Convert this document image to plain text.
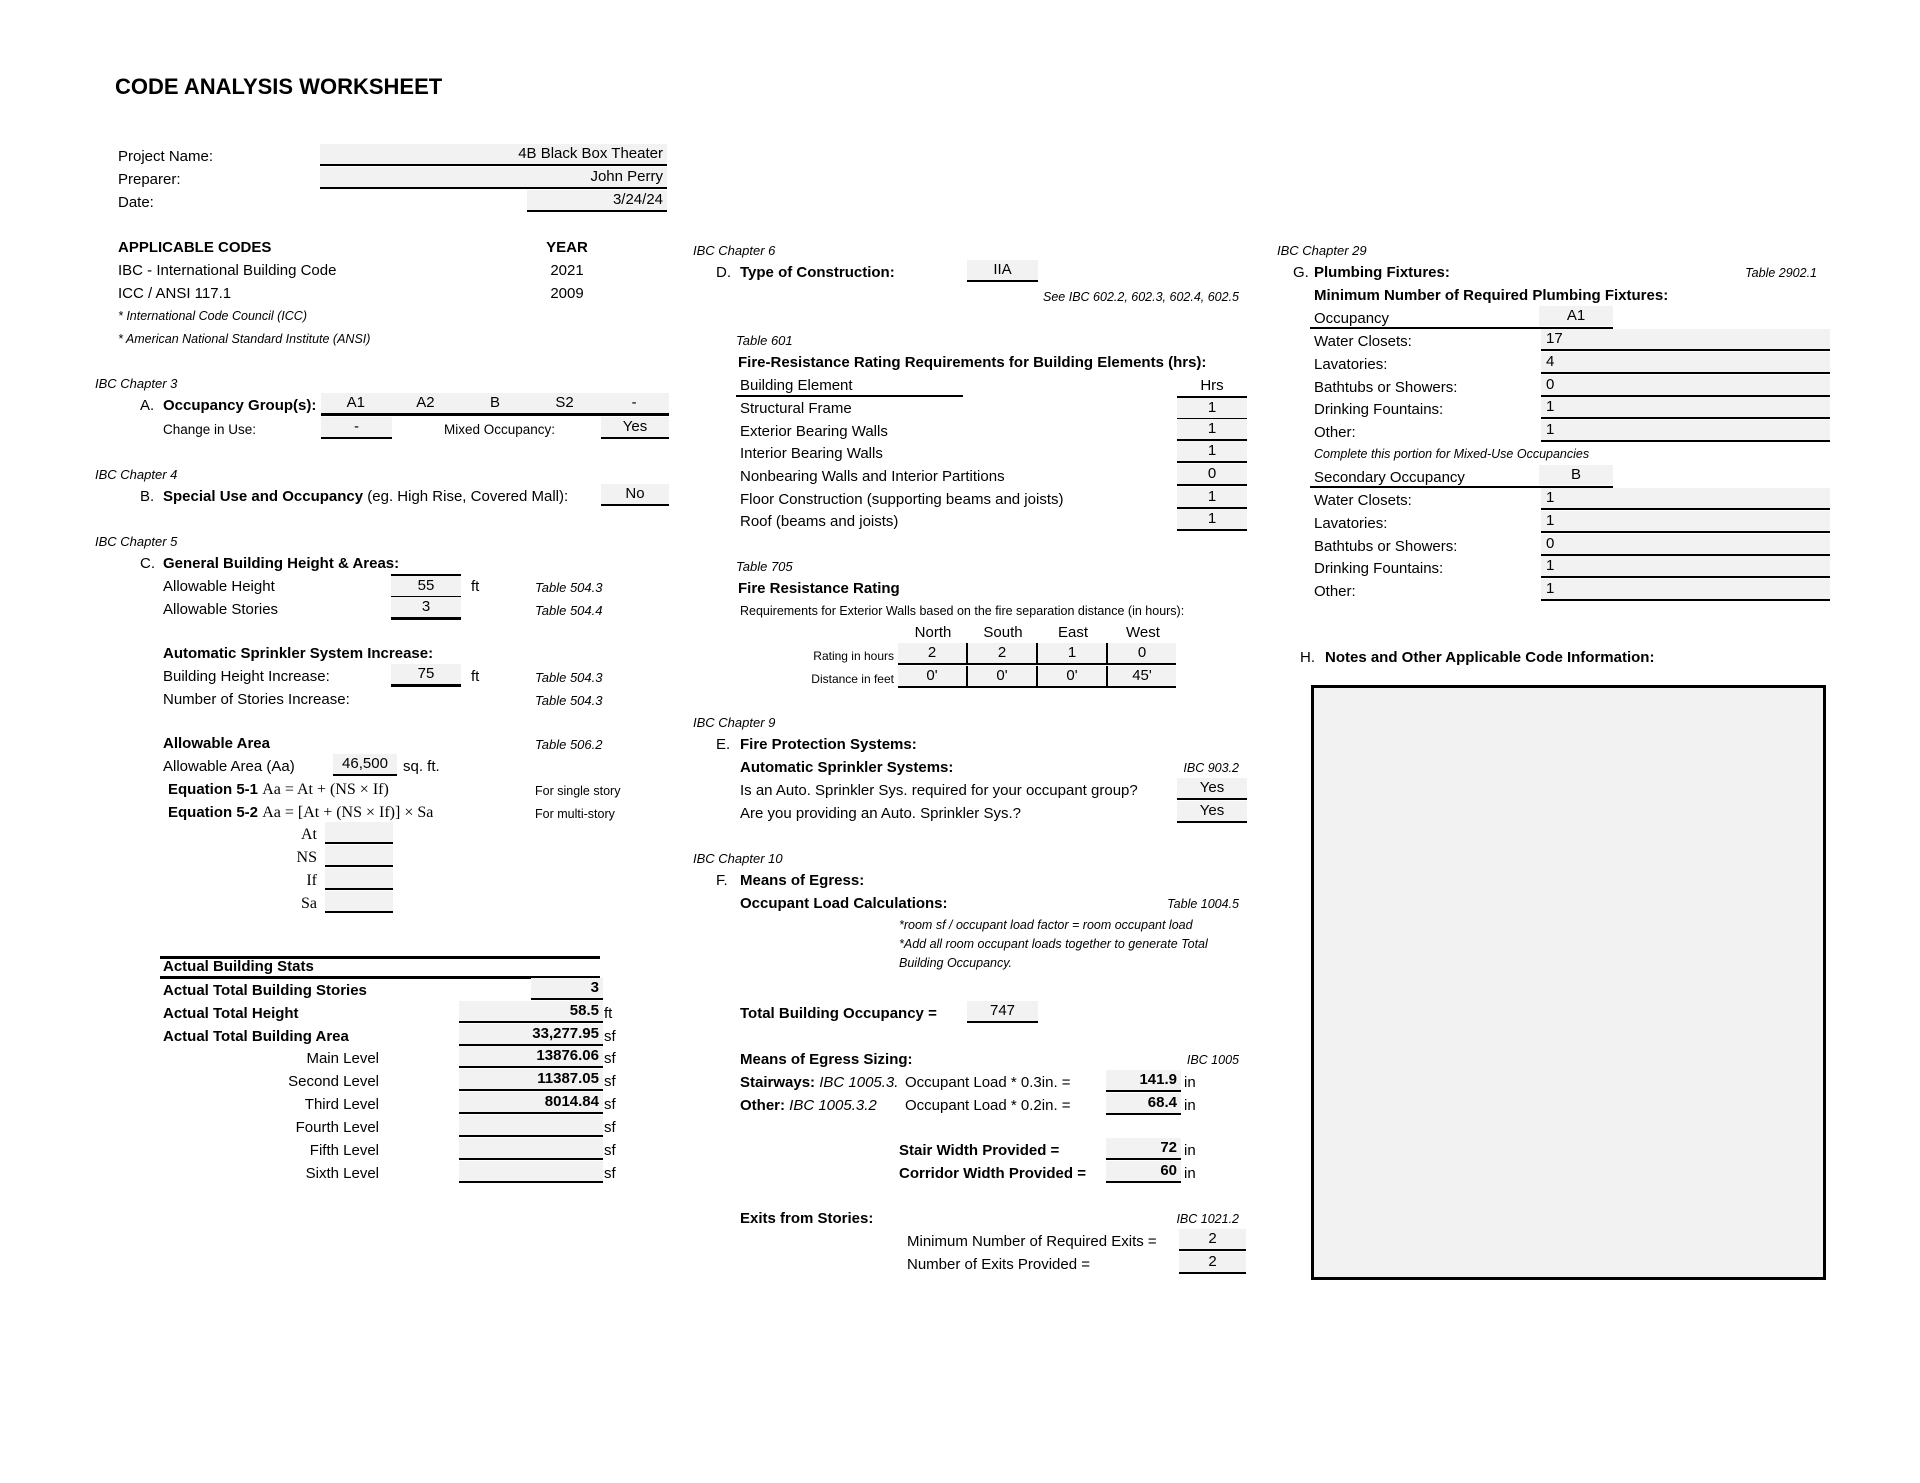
CODE ANALYSIS WORKSHEET
Project Name:	4B Black Box Theater
Preparer:	John Perry
Date:	3/24/24
APPLICABLE CODES	YEAR
IBC - International Building Code	2021
ICC / ANSI 117.1	2009
* International Code Council (ICC)
* American National Standard Institute (ANSI)
IBC Chapter 3
A. Occupancy Group(s):	A1	A2	B	S2	-
Change in Use:	-	Mixed Occupancy:	Yes
IBC Chapter 4
B. Special Use and Occupancy (eg. High Rise, Covered Mall):	No
IBC Chapter 5
C. General Building Height & Areas:
Allowable Height	55	ft	Table 504.3
Allowable Stories	3	Table 504.4
Automatic Sprinkler System Increase:
Building Height Increase:	75	ft	Table 504.3
Number of Stories Increase:	Table 504.3
Allowable Area	Table 506.2
Allowable Area (Aa)	46,500	sq. ft.
Equation 5-1 Aa = At + (NS × If)	For single story
Equation 5-2 Aa = [At + (NS × If)] × Sa	For multi-story
At
NS
If
Sa
Actual Building Stats
Actual Total Building Stories	3
Actual Total Height	58.5 ft
Actual Total Building Area	33,277.95 sf
Main Level	13876.06 sf
Second Level	11387.05 sf
Third Level	8014.84 sf
Fourth Level	sf
Fifth Level	sf
Sixth Level	sf
IBC Chapter 6
D. Type of Construction:	IIA
See IBC 602.2, 602.3, 602.4, 602.5
Table 601
Fire-Resistance Rating Requirements for Building Elements (hrs):
Building Element	Hrs
Structural Frame	1
Exterior Bearing Walls	1
Interior Bearing Walls	1
Nonbearing Walls and Interior Partitions	0
Floor Construction (supporting beams and joists)	1
Roof (beams and joists)	1
Table 705
Fire Resistance Rating
Requirements for Exterior Walls based on the fire separation distance (in hours):
North	South	East	West
Rating in hours	2	2	1	0
Distance in feet	0'	0'	0'	45'
IBC Chapter 9
E. Fire Protection Systems:
Automatic Sprinkler Systems:	IBC 903.2
Is an Auto. Sprinkler Sys. required for your occupant group?	Yes
Are you providing an Auto. Sprinkler Sys.?	Yes
IBC Chapter 10
F. Means of Egress:
Occupant Load Calculations:	Table 1004.5
*room sf / occupant load factor = room occupant load
*Add all room occupant loads together to generate Total
Building Occupancy.
Total Building Occupancy =	747
Means of Egress Sizing:	IBC 1005
Stairways: IBC 1005.3. Occupant Load * 0.3in. =	141.9 in
Other: IBC 1005.3.2 Occupant Load * 0.2in. =	68.4 in
Stair Width Provided =	72 in
Corridor Width Provided =	60 in
Exits from Stories:	IBC 1021.2
Minimum Number of Required Exits =	2
Number of Exits Provided =	2
IBC Chapter 29
G. Plumbing Fixtures:	Table 2902.1
Minimum Number of Required Plumbing Fixtures:
Occupancy	A1
Water Closets:	17
Lavatories:	4
Bathtubs or Showers:	0
Drinking Fountains:	1
Other:	1
Complete this portion for Mixed-Use Occupancies
Secondary Occupancy	B
Water Closets:	1
Lavatories:	1
Bathtubs or Showers:	0
Drinking Fountains:	1
Other:	1
H. Notes and Other Applicable Code Information:
